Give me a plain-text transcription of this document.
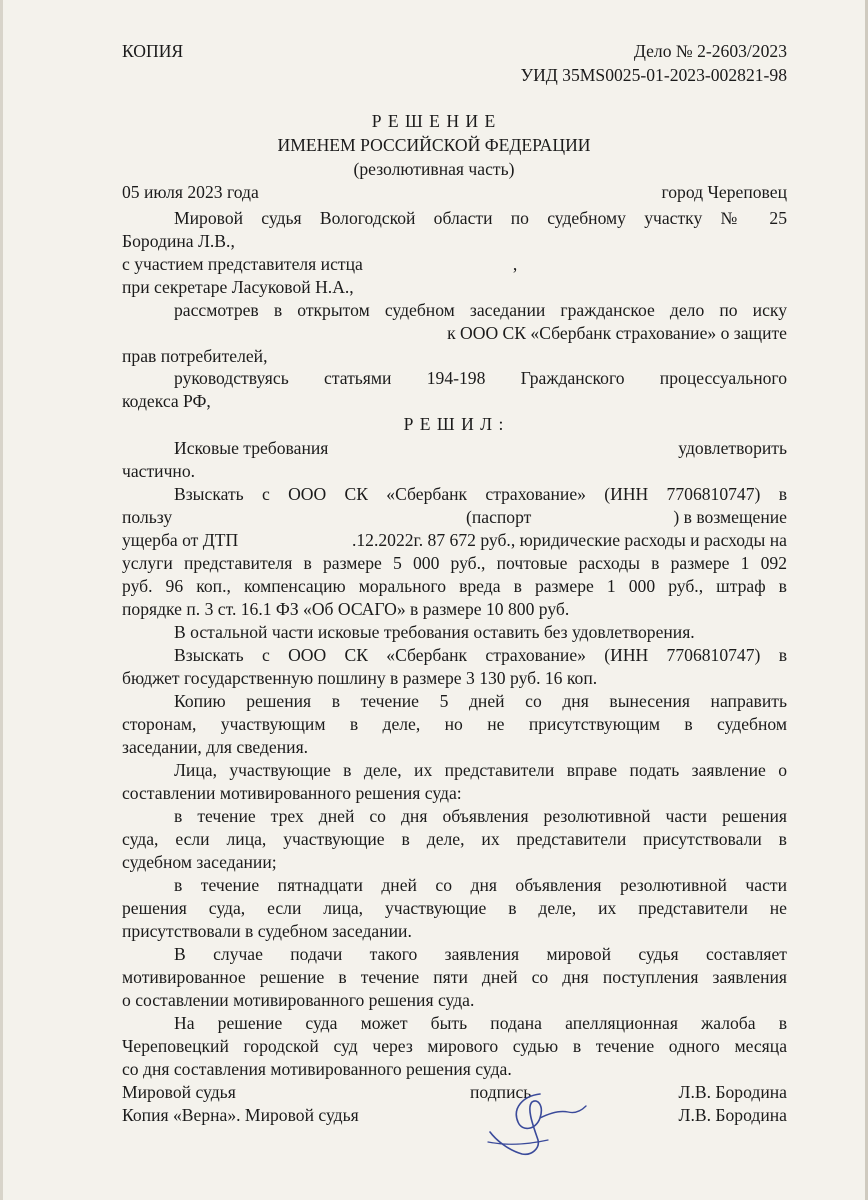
КОПИЯ	Дело № 2-2603/2023
УИД 35MS0025-01-2023-002821-98
Р Е Ш Е Н И Е
ИМЕНЕМ РОССИЙСКОЙ ФЕДЕРАЦИИ
(резолютивная часть)
05 июля 2023 года	город Череповец
Мировой судья Вологодской области по судебному участку № 25
Бородина Л.В.,
с участием представителя истца	,
при секретаре Ласуковой Н.А.,
рассмотрев в открытом судебном заседании гражданское дело по иску
к ООО СК «Сбербанк страхование» о защите
прав потребителей,
руководствуясь статьями 194-198 Гражданского процессуального
кодекса РФ,
Р Е Ш И Л :
Исковые требования	удовлетворить
частично.
Взыскать с ООО СК «Сбербанк страхование» (ИНН 7706810747) в
пользу	(паспорт	) в возмещение
ущерба от ДТП	.12.2022г. 87 672 руб., юридические расходы и расходы на
услуги представителя в размере 5 000 руб., почтовые расходы в размере 1 092
руб. 96 коп., компенсацию морального вреда в размере 1 000 руб., штраф в
порядке п. 3 ст. 16.1 ФЗ «Об ОСАГО» в размере 10 800 руб.
В остальной части исковые требования оставить без удовлетворения.
Взыскать с ООО СК «Сбербанк страхование» (ИНН 7706810747) в
бюджет государственную пошлину в размере 3 130 руб. 16 коп.
Копию решения в течение 5 дней со дня вынесения направить
сторонам, участвующим в деле, но не присутствующим в судебном
заседании, для сведения.
Лица, участвующие в деле, их представители вправе подать заявление о
составлении мотивированного решения суда:
в течение трех дней со дня объявления резолютивной части решения
суда, если лица, участвующие в деле, их представители присутствовали в
судебном заседании;
в течение пятнадцати дней со дня объявления резолютивной части
решения суда, если лица, участвующие в деле, их представители не
присутствовали в судебном заседании.
В случае подачи такого заявления мировой судья составляет
мотивированное решение в течение пяти дней со дня поступления заявления
о составлении мотивированного решения суда.
На решение суда может быть подана апелляционная жалоба в
Череповецкий городской суд через мирового судью в течение одного месяца
со дня составления мотивированного решения суда.
Мировой судья	подпись	Л.В. Бородина
Копия «Верна». Мировой судья	Л.В. Бородина
